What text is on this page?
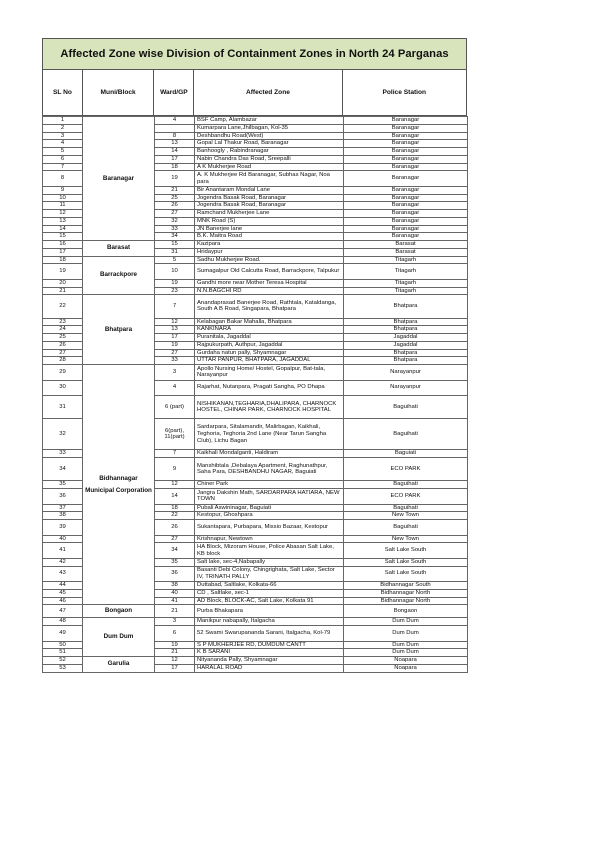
Affected Zone wise Division of Containment Zones in North 24 Parganas
SL No	Muni/Block	Ward/GP	Affected Zone	Police Station
1	Baranagar	4	BSF Camp, Alambazar	Baranagar
2			Kumarpara Lane,Jhilbagan, Kol-35	Baranagar
3		8	Deshbandhu Road(West)	Baranagar
4		13	Gopal Lal Thakur Road, Baranagar	Baranagar
5		14	Banhoogly , Rabindranagar	Baranagar
6		17	Nabin Chandra Das Road, Sreepalli	Baranagar
7		18	A K Mukherjee Road	Baranagar
8		19	A. K Mukherjee Rd Baranagar, Subhas Nagar, Noa para	Baranagar
9		21	Bir Anantaram Mondal Lane	Baranagar
10		25	Jogendra Basak Road, Baranagar	Baranagar
11		26	Jogendra Basak Road, Baranagar	Baranagar
12		27	Ramchand Mukherjee Lane	Baranagar
13		32	MNK Road (S)	Baranagar
14		33	JN Banerjee lane	Baranagar
15		34	B.K. Maitra Road	Baranagar
16	Barasat	15	Kazipara	Barasat
17		31	Hridaypur	Barasat
18	Barrackpore	5	Sadhu Mukherjee Road.	Titagarh
19		10	Sumagalpur Old Calcutta Road, Barrackpore, Talpukur	Titagarh
20		19	Gandhi more near Mother Teresa Hospital	Titagarh
21		23	N.N.BAGCHI RD	Titagarh
22	Bhatpara	7	Anandaprasad Banerjee Road, Rathtala, Kataldanga, South A B Road, Singapara, Bhatpara	Bhatpara
23		12	Kelabagan Bakar Mahalla, Bhatpara	Bhatpara
24		13	KANKINARA	Bhatpara
25		17	Puranitala, Jagaddal	Jagaddal
26		19	Rajpukurpath, Authpur, Jagaddal	Jagaddal
27		27	Gurdaha natun pally, Shyamnagar	Bhatpara
28		33	UTTAR PANPUR, BHATPARA, JAGADDAL	Bhatpara
29	Bidhannagar Municipal Corporation	3	Apollo Nursing Home/ Hostel, Gopalpur, Bat-tala, Narayanpur	Narayanpur
30		4	Rajarhat, Nutanpara, Pragati Sangha, PO Dhapa	Narayanpur
31		6 (part)	NISHIKANAN,TEGHARIA,DHALIPARA, CHARNOCK HOSTEL, CHINAR PARK, CHARNOCK HOSPITAL	Baguihati
32		6(part), 11(part)	Sardarpara, Sitalamandir, Malirbagan, Kaikhali, Teghoria, Teghoria 2nd Lane (Near Tarun Sangha Club), Lichu Bagan	Baguihati
33		7	Kaikhali Mondalganti, Haldiram	Baguiati
34		9	Manshibtala ,Debalaya Apartment, Raghunathpur, Saha Para, DESHBANDHU NAGAR, Baguiati	ECO PARK
35		12	Chiner Park	Baguihati
36		14	Jangra Dakshin Math, SARDARPARA HATIARA, NEW TOWN	ECO PARK
37		18	Pubali Aswininagar, Baguiati	Baguihati
38		22	Kestopur, Ghoshpara	New Town
39		26	Sukantapara, Purbapara, Missio Bazaar, Kestopur	Baguihati
40		27	Krishnapur, Newtown	New Town
41		34	HA Block, Mizoram House, Police Abasan Salt Lake, KB block	Salt Lake South
42		35	Salt lake, sec-4,Nabapally	Salt Lake South
43		36	Basanti Debi Colony, Chingrighata, Salt Lake, Sector IV, TRINATH PALLY	Salt Lake South
44		38	Duttabad, Saltlake, Kolkata-66	Bidhannagar South
45		40	CD , Saltlake, sec-1	Bidhannagar North
46		41	AD Block, BLOCK-AC, Salt Lake, Kolkata 91	Bidhannagar North
47	Bongaon	21	Purba Bhakapara	Bongaon
48	Dum Dum	3	Manikpur nabapally, Italgacha	Dum Dum
49		6	52 Swami Swarupananda Sarani, Italgacha, Kol-79	Dum Dum
50		19	S P MUKHERJEE RD, DUMDUM CANTT	Dum Dum
51		21	K B SARANI	Dum Dum
52	Garulia	12	Nityananda Pally, Shyamnagar	Noapara
53		17	HARALAL ROAD	Noapara
